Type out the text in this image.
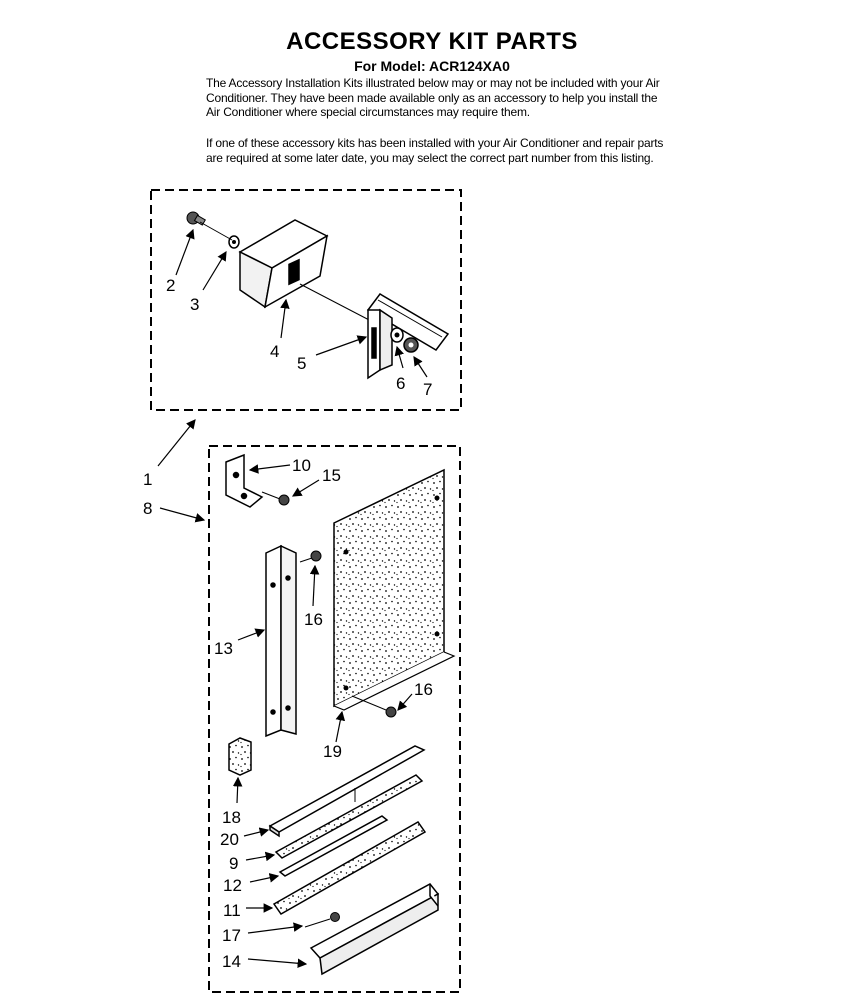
ACCESSORY KIT PARTS
For Model: ACR124XA0
The Accessory Installation Kits illustrated below may or may not be included with your Air Conditioner. They have been made available only as an accessory to help you install the Air Conditioner where special circumstances may require them.
If one of these accessory kits has been installed with your Air Conditioner and repair parts are required at some later date, you may select the correct part number from this listing.
2
3
4
5
6 7
1
8
10
15
16
13
16
19
18
20
9
12
11
17
14
